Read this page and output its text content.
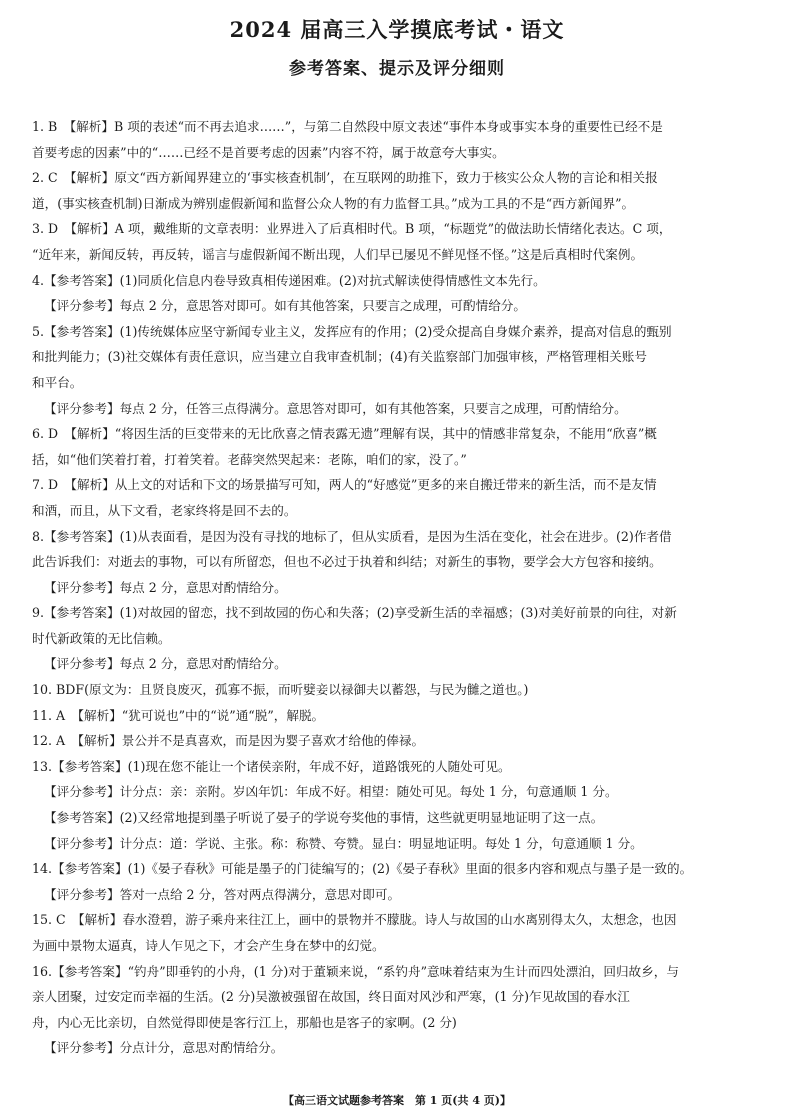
2024 届高三入学摸底考试・语文
参考答案、提示及评分细则
1. B　【解析】B 项的表述“而不再去追求……”，与第二自然段中原文表述“事件本身或事实本身的重要性已经不是
首要考虑的因素”中的“……已经不是首要考虑的因素”内容不符，属于故意夸大事实。
2. C　【解析】原文“西方新闻界建立的‘事实核查机制’，在互联网的助推下，致力于核实公众人物的言论和相关报
道，(事实核查机制)日渐成为辨别虚假新闻和监督公众人物的有力监督工具。”成为工具的不是“西方新闻界”。
3. D　【解析】A 项，戴维斯的文章表明：业界进入了后真相时代。B 项，“标题党”的做法助长情绪化表达。C 项，
“近年来，新闻反转，再反转，谣言与虚假新闻不断出现，人们早已屡见不鲜见怪不怪。”这是后真相时代案例。
4.【参考答案】(1)同质化信息内卷导致真相传递困难。(2)对抗式解读使得情感性文本先行。
【评分参考】每点 2 分，意思答对即可。如有其他答案，只要言之成理，可酌情给分。
5.【参考答案】(1)传统媒体应坚守新闻专业主义，发挥应有的作用；(2)受众提高自身媒介素养，提高对信息的甄别
和批判能力；(3)社交媒体有责任意识，应当建立自我审查机制；(4)有关监察部门加强审核，严格管理相关账号
和平台。
【评分参考】每点 2 分，任答三点得满分。意思答对即可，如有其他答案，只要言之成理，可酌情给分。
6. D　【解析】“将因生活的巨变带来的无比欣喜之情表露无遗”理解有误，其中的情感非常复杂，不能用“欣喜”概
括，如“他们笑着打着，打着笑着。老薛突然哭起来：老陈，咱们的家，没了。”
7. D　【解析】从上文的对话和下文的场景描写可知，两人的“好感觉”更多的来自搬迁带来的新生活，而不是友情
和酒，而且，从下文看，老家终将是回不去的。
8.【参考答案】(1)从表面看，是因为没有寻找的地标了，但从实质看，是因为生活在变化，社会在进步。(2)作者借
此告诉我们：对逝去的事物，可以有所留恋，但也不必过于执着和纠结；对新生的事物，要学会大方包容和接纳。
【评分参考】每点 2 分，意思对酌情给分。
9.【参考答案】(1)对故园的留恋，找不到故园的伤心和失落；(2)享受新生活的幸福感；(3)对美好前景的向往，对新
时代新政策的无比信赖。
【评分参考】每点 2 分，意思对酌情给分。
10. BDF(原文为：且贤良废灭，孤寡不振，而听嬖妾以禄御夫以蓄怨，与民为雠之道也。)
11. A　【解析】“犹可说也”中的“说”通“脱”，解脱。
12. A　【解析】景公并不是真喜欢，而是因为婴子喜欢才给他的俸禄。
13.【参考答案】(1)现在您不能让一个诸侯亲附，年成不好，道路饿死的人随处可见。
【评分参考】计分点：亲：亲附。岁凶年饥：年成不好。相望：随处可见。每处 1 分，句意通顺 1 分。
【参考答案】(2)又经常地提到墨子听说了晏子的学说夸奖他的事情，这些就更明显地证明了这一点。
【评分参考】计分点：道：学说、主张。称：称赞、夸赞。显白：明显地证明。每处 1 分，句意通顺 1 分。
14.【参考答案】(1)《晏子春秋》可能是墨子的门徒编写的；(2)《晏子春秋》里面的很多内容和观点与墨子是一致的。
【评分参考】答对一点给 2 分，答对两点得满分，意思对即可。
15. C　【解析】春水澄碧，游子乘舟来往江上，画中的景物并不朦胧。诗人与故国的山水离别得太久，太想念，也因
为画中景物太逼真，诗人乍见之下，才会产生身在梦中的幻觉。
16.【参考答案】“钓舟”即垂钓的小舟，(1 分)对于董颖来说，“系钓舟”意味着结束为生计而四处漂泊，回归故乡，与
亲人团聚，过安定而幸福的生活。(2 分)吴激被强留在故国，终日面对风沙和严寒，(1 分)乍见故国的春水江
舟，内心无比亲切，自然觉得即使是客行江上，那船也是客子的家啊。(2 分)
【评分参考】分点计分，意思对酌情给分。
【高三语文试题参考答案　第 1 页(共 4 页)】
